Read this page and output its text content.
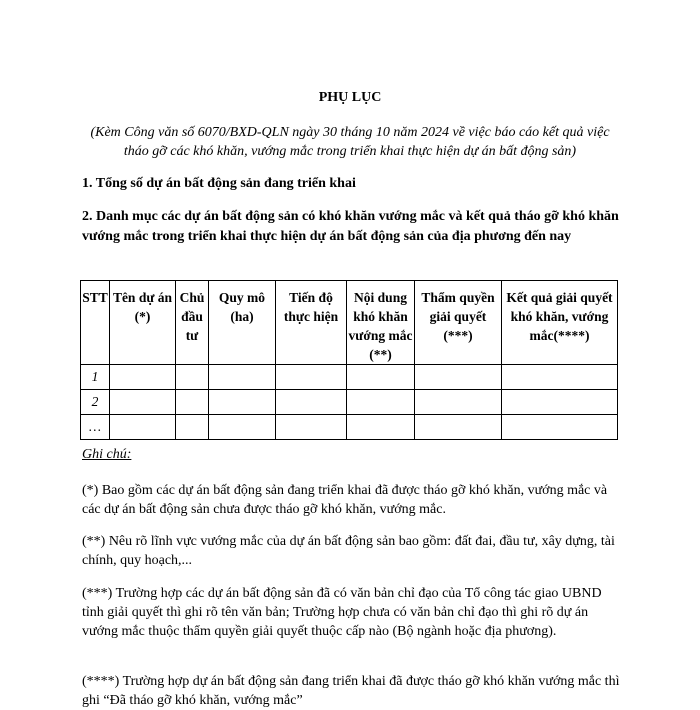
PHỤ LỤC
(Kèm Công văn số 6070/BXD-QLN ngày 30 tháng 10 năm 2024 về việc báo cáo kết quả việc tháo gỡ các khó khăn, vướng mắc trong triển khai thực hiện dự án bất động sản)
1. Tổng số dự án bất động sản đang triển khai
2. Danh mục các dự án bất động sản có khó khăn vướng mắc và kết quả tháo gỡ khó khăn vướng mắc trong triển khai thực hiện dự án bất động sản của địa phương đến nay
STT	Tên dự án (*)	Chủ đầu tư	Quy mô (ha)	Tiến độ thực hiện	Nội dung khó khăn vướng mắc (**)	Thẩm quyền giải quyết (***)	Kết quả giải quyết khó khăn, vướng mắc(****)
1							
2							
…							
Ghi chú:
(*) Bao gồm các dự án bất động sản đang triển khai đã được tháo gỡ khó khăn, vướng mắc và các dự án bất động sản chưa được tháo gỡ khó khăn, vướng mắc.
(**) Nêu rõ lĩnh vực vướng mắc của dự án bất động sản bao gồm: đất đai, đầu tư, xây dựng, tài chính, quy hoạch,...
(***) Trường hợp các dự án bất động sản đã có văn bản chỉ đạo của Tổ công tác giao UBND tỉnh giải quyết thì ghi rõ tên văn bản; Trường hợp chưa có văn bản chỉ đạo thì ghi rõ dự án vướng mắc thuộc thẩm quyền giải quyết thuộc cấp nào (Bộ ngành hoặc địa phương).
(****) Trường hợp dự án bất động sản đang triển khai đã được tháo gỡ khó khăn vướng mắc thì ghi “Đã tháo gỡ khó khăn, vướng mắc”
